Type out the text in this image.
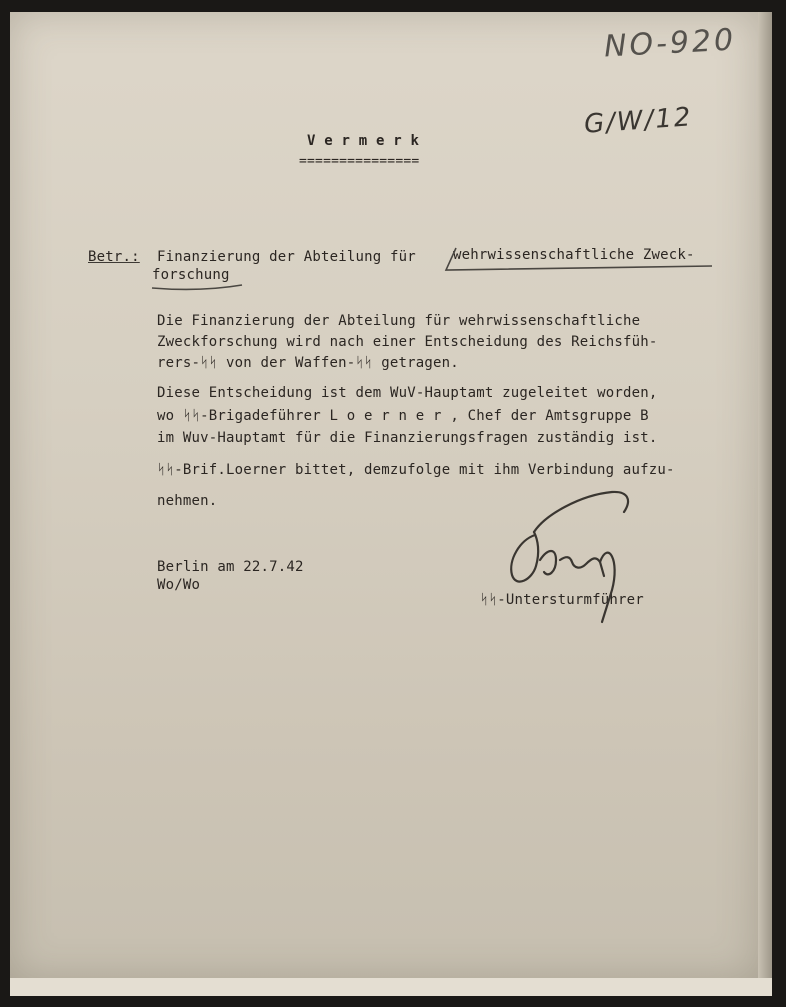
NO-920
G/W/12
V e r m e r k
===============
Betr.: Finanzierung der Abteilung für	wehrwissenschaftliche Zweck-
forschung
Die Finanzierung der Abteilung für wehrwissenschaftliche
Zweckforschung wird nach einer Entscheidung des Reichsfüh-
rers-ᛋᛋ von der Waffen-ᛋᛋ getragen.
Diese Entscheidung ist dem WuV-Hauptamt zugeleitet worden,
wo ᛋᛋ-Brigadeführer L o e r n e r , Chef der Amtsgruppe B
im Wuv-Hauptamt für die Finanzierungsfragen zuständig ist.
ᛋᛋ-Brif.Loerner bittet, demzufolge mit ihm Verbindung aufzu-
nehmen.
Berlin am 22.7.42
Wo/Wo
ᛋᛋ-Untersturmführer
